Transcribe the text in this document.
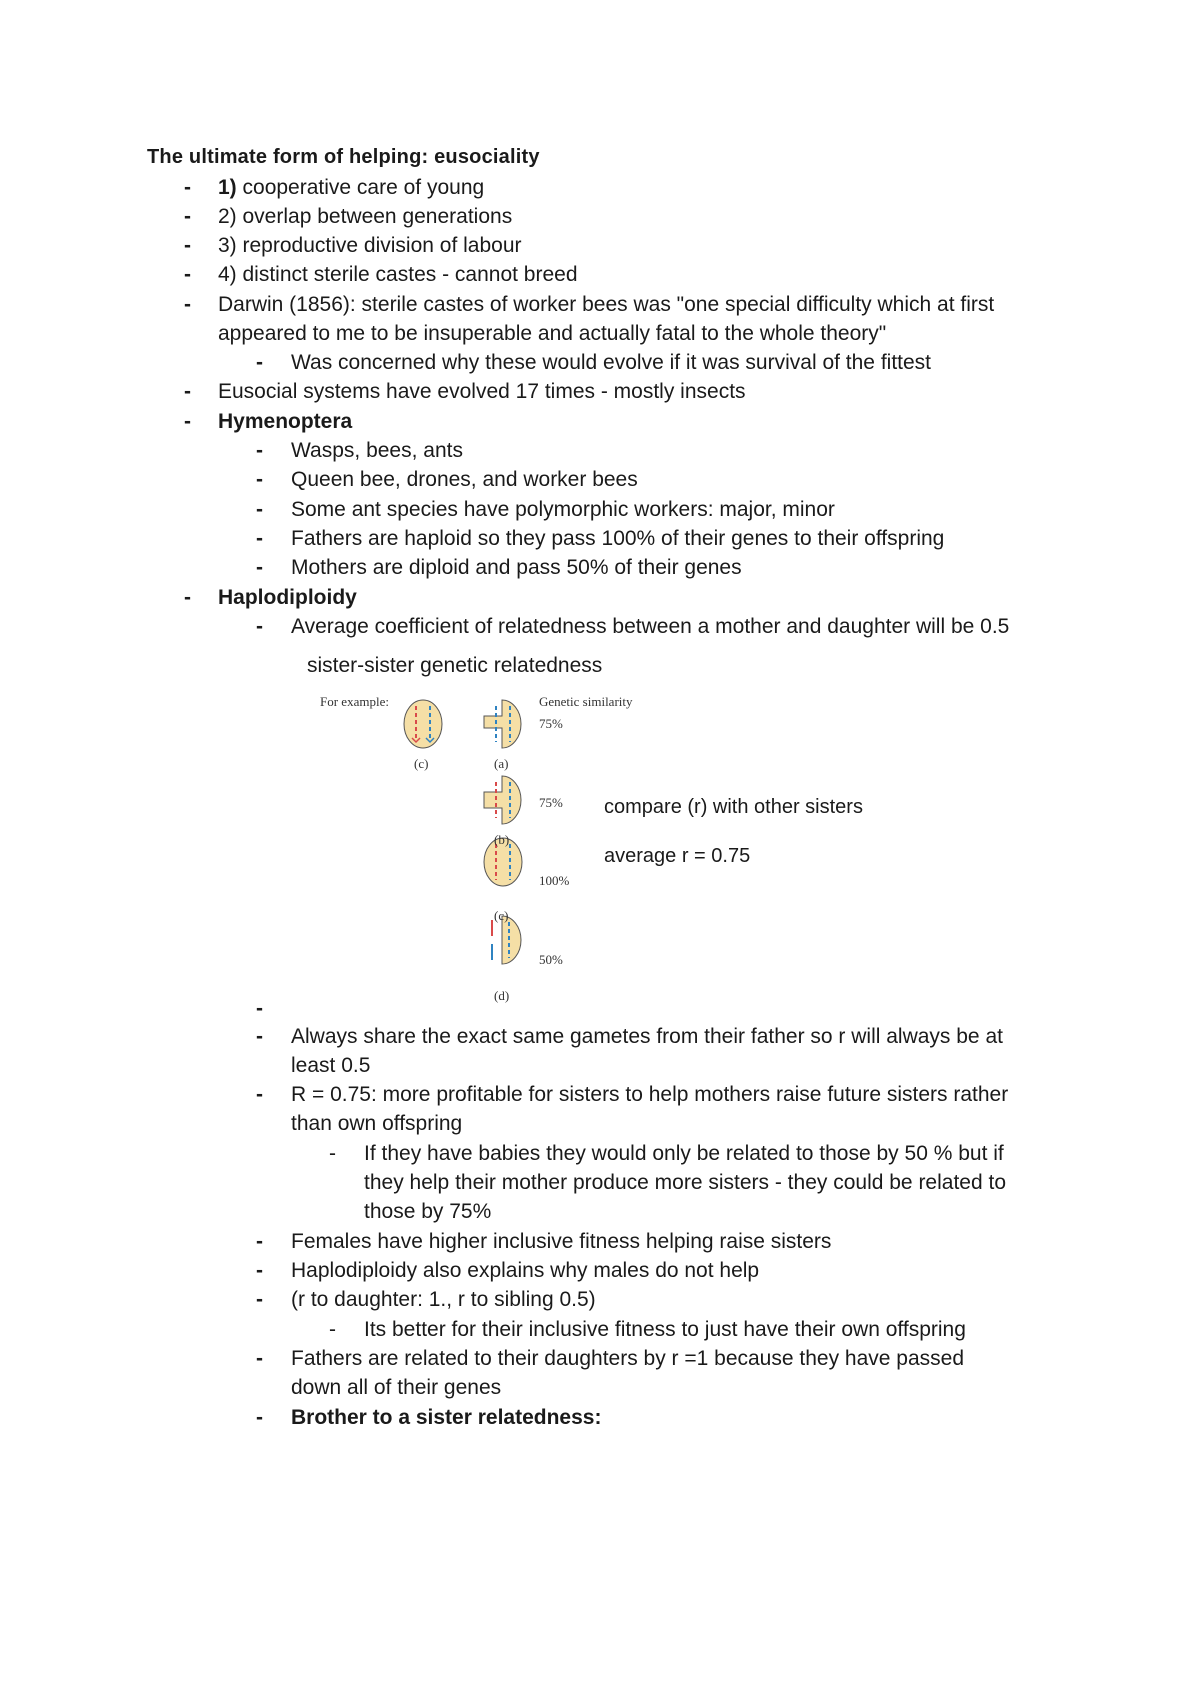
The ultimate form of helping: eusociality
- 1) cooperative care of young
- 2) overlap between generations
- 3) reproductive division of labour
- 4) distinct sterile castes - cannot breed
- Darwin (1856): sterile castes of worker bees was "one special difficulty which at first
appeared to me to be insuperable and actually fatal to the whole theory"
- Was concerned why these would evolve if it was survival of the fittest
- Eusocial systems have evolved 17 times - mostly insects
- Hymenoptera
- Wasps, bees, ants
- Queen bee, drones, and worker bees
- Some ant species have polymorphic workers: major, minor
- Fathers are haploid so they pass 100% of their genes to their offspring
- Mothers are diploid and pass 50% of their genes
- Haplodiploidy
- Average coefficient of relatedness between a mother and daughter will be 0.5
sister-sister genetic relatedness
For example:	Genetic similarity
(c)	(a)
75%
(b)
75%
(c)
100%
(d)
50%
compare (r) with other sisters
average r = 0.75
-
- Always share the exact same gametes from their father so r will always be at
least 0.5
- R = 0.75: more profitable for sisters to help mothers raise future sisters rather
than own offspring
- If they have babies they would only be related to those by 50 % but if
they help their mother produce more sisters - they could be related to
those by 75%
- Females have higher inclusive fitness helping raise sisters
- Haplodiploidy also explains why males do not help
- (r to daughter: 1., r to sibling 0.5)
- Its better for their inclusive fitness to just have their own offspring
- Fathers are related to their daughters by r =1 because they have passed
down all of their genes
- Brother to a sister relatedness:
